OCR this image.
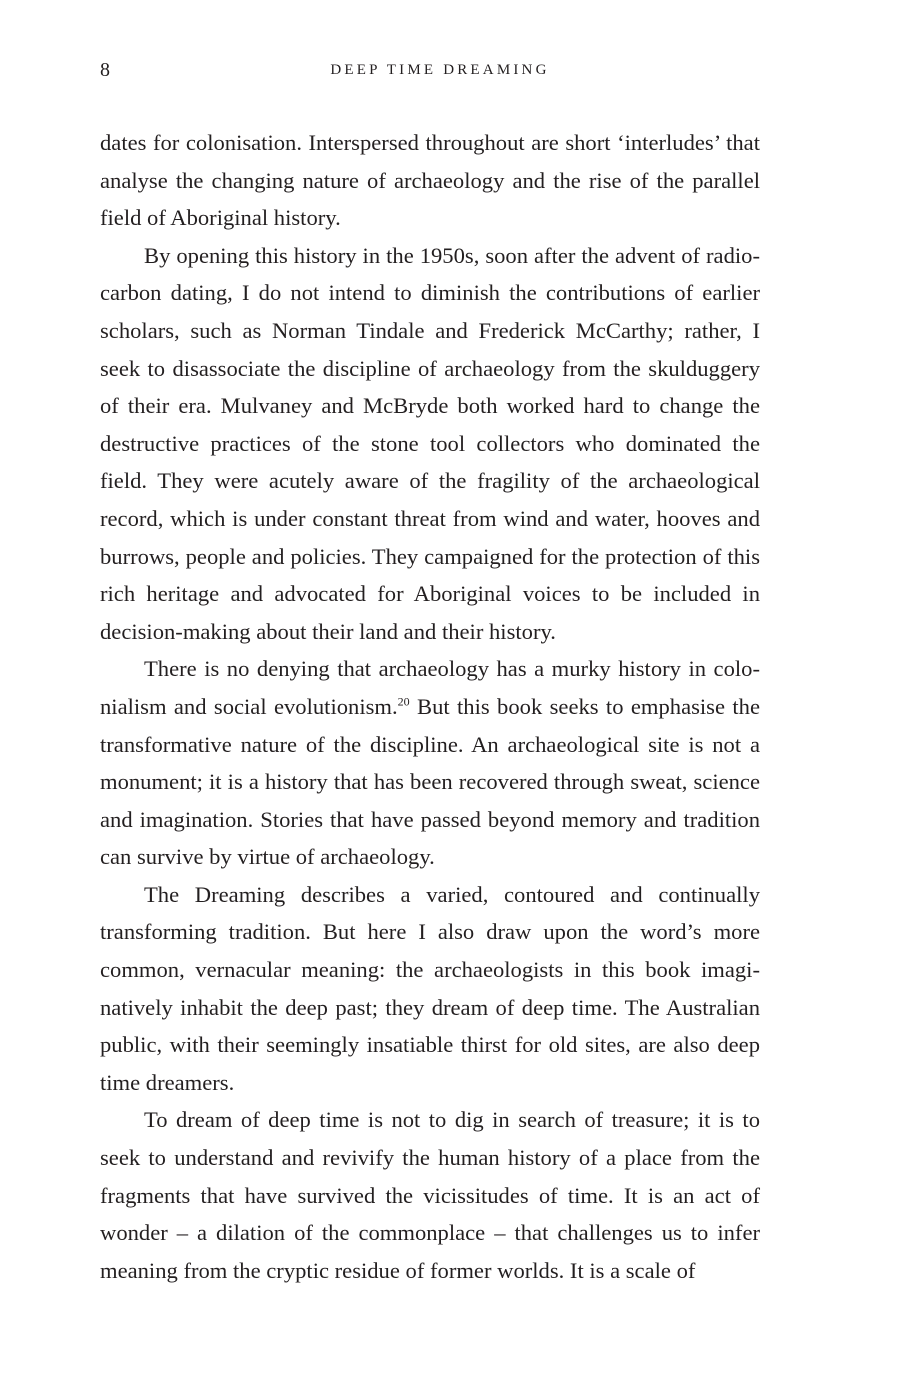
8	DEEP TIME DREAMING

dates for colonisation. Interspersed throughout are short ‘interludes’ that analyse the changing nature of archaeology and the rise of the parallel field of Aboriginal history.

By opening this history in the 1950s, soon after the advent of radiocarbon dating, I do not intend to diminish the contributions of earlier scholars, such as Norman Tindale and Frederick McCarthy; rather, I seek to disassociate the discipline of archaeology from the skulduggery of their era. Mulvaney and McBryde both worked hard to change the destructive practices of the stone tool collectors who dominated the field. They were acutely aware of the fragility of the archaeological record, which is under constant threat from wind and water, hooves and burrows, people and policies. They campaigned for the protection of this rich heritage and advocated for Aboriginal voices to be included in decision-making about their land and their history.

There is no denying that archaeology has a murky history in colonialism and social evolutionism.$^{20}$ But this book seeks to emphasise the transformative nature of the discipline. An archaeological site is not a monument; it is a history that has been recovered through sweat, science and imagination. Stories that have passed beyond memory and tradition can survive by virtue of archaeology.

The Dreaming describes a varied, contoured and continually transforming tradition. But here I also draw upon the word’s more common, vernacular meaning: the archaeologists in this book imaginatively inhabit the deep past; they dream of deep time. The Australian public, with their seemingly insatiable thirst for old sites, are also deep time dreamers.

To dream of deep time is not to dig in search of treasure; it is to seek to understand and revivify the human history of a place from the fragments that have survived the vicissitudes of time. It is an act of wonder – a dilation of the commonplace – that challenges us to infer meaning from the cryptic residue of former worlds. It is a scale of
